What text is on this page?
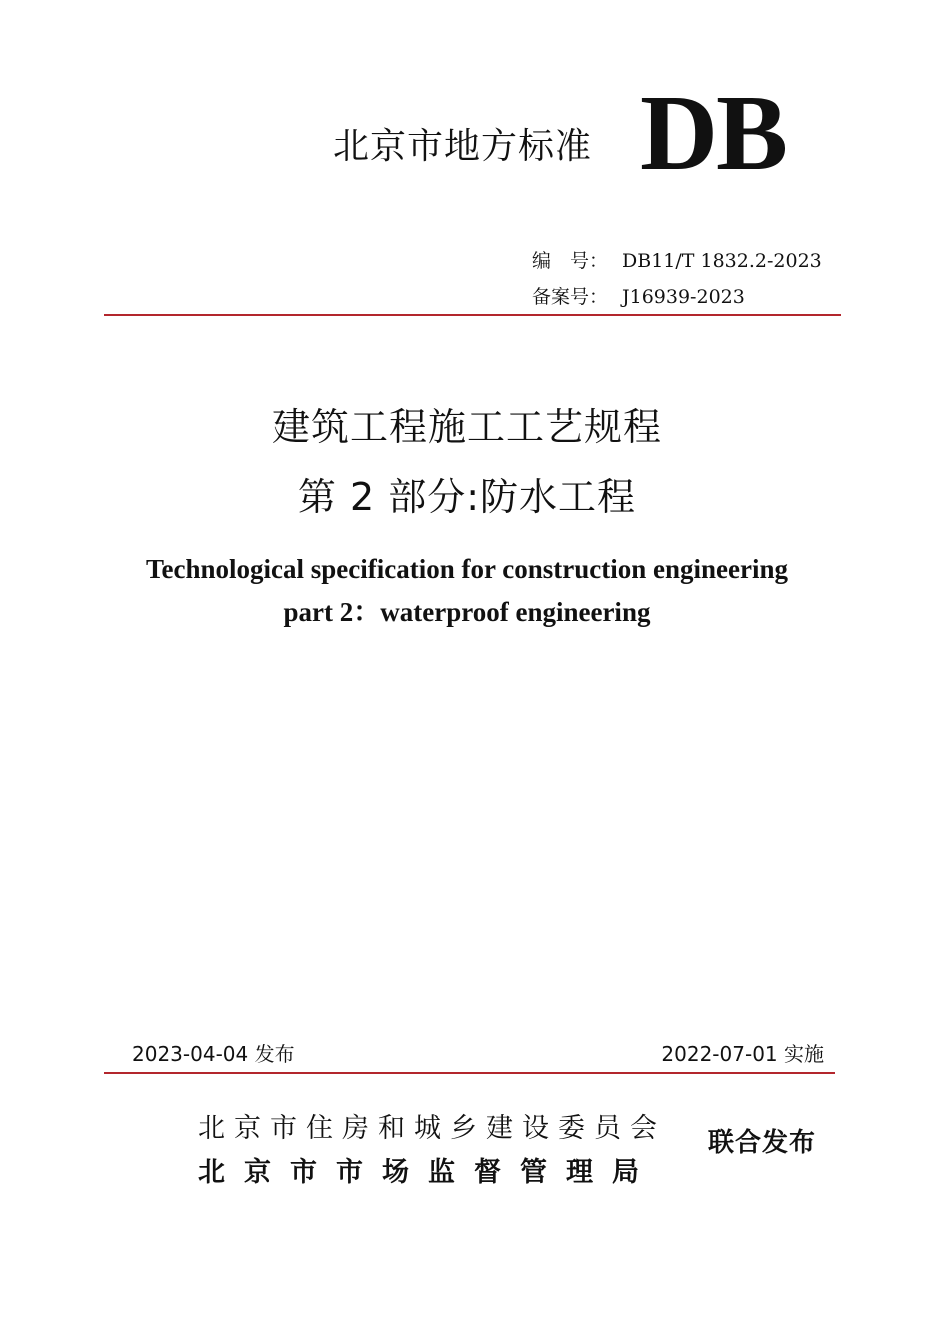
北京市地方标准 DB
编　号： DB11/T 1832.2-2023
备案号： J16939-2023
建筑工程施工工艺规程
第 2 部分:防水工程
Technological specification for construction engineering
part 2：waterproof engineering
2023-04-04 发布	2022-07-01 实施
北京市住房和城乡建设委员会
北京市市场监督管理局
联合发布
